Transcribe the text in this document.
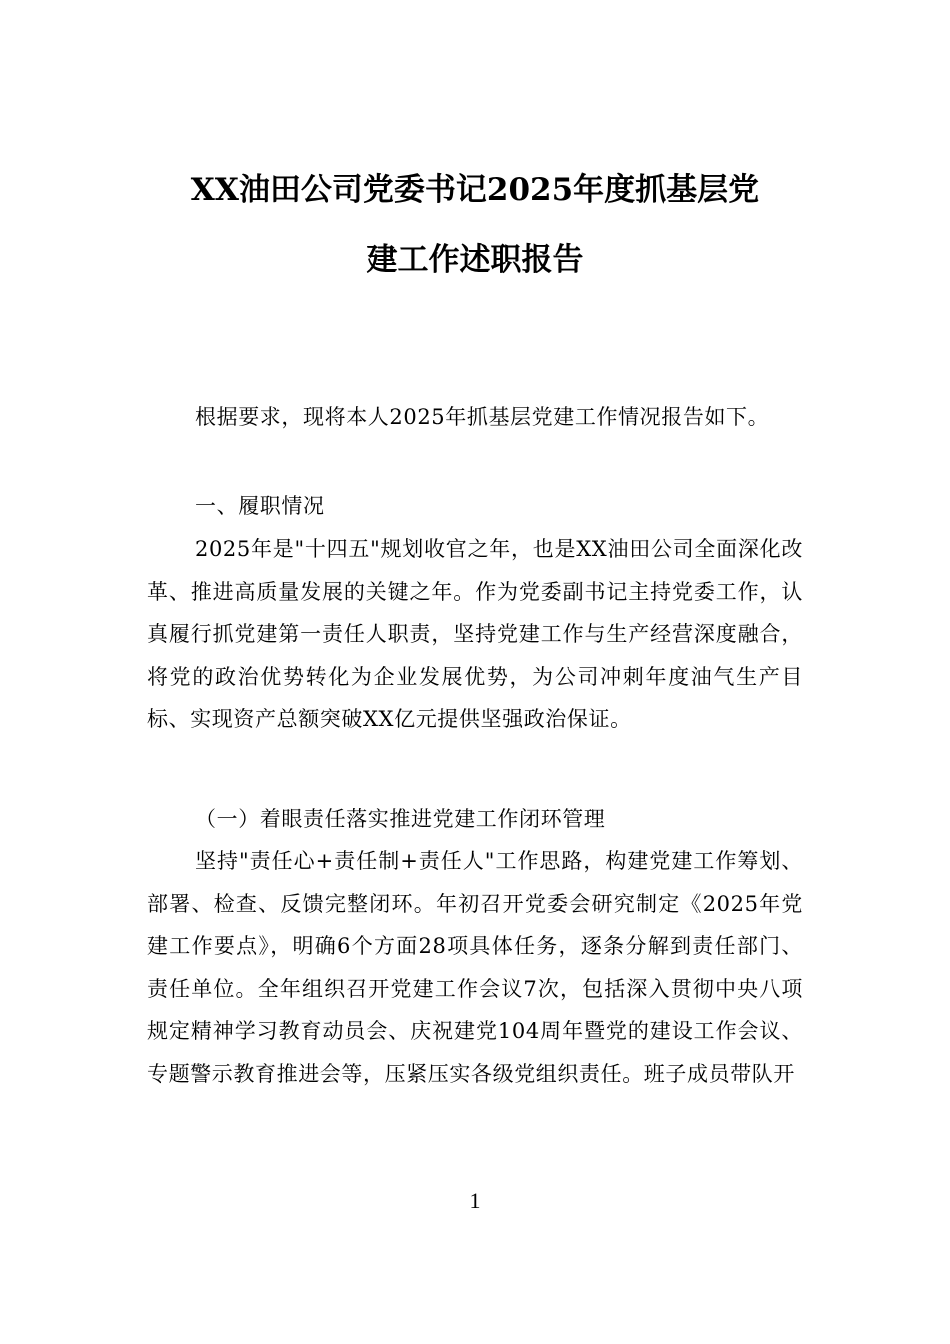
XX油田公司党委书记2025年度抓基层党
建工作述职报告

根据要求，现将本人2025年抓基层党建工作情况报告如下。

一、履职情况

2025年是"十四五"规划收官之年，也是XX油田公司全面深化改革、推进高质量发展的关键之年。作为党委副书记主持党委工作，认真履行抓党建第一责任人职责，坚持党建工作与生产经营深度融合，将党的政治优势转化为企业发展优势，为公司冲刺年度油气生产目标、实现资产总额突破XX亿元提供坚强政治保证。

（一）着眼责任落实推进党建工作闭环管理

坚持"责任心+责任制+责任人"工作思路，构建党建工作筹划、部署、检查、反馈完整闭环。年初召开党委会研究制定《2025年党建工作要点》，明确6个方面28项具体任务，逐条分解到责任部门、责任单位。全年组织召开党建工作会议7次，包括深入贯彻中央八项规定精神学习教育动员会、庆祝建党104周年暨党的建设工作会议、专题警示教育推进会等，压紧压实各级党组织责任。班子成员带队开

1
